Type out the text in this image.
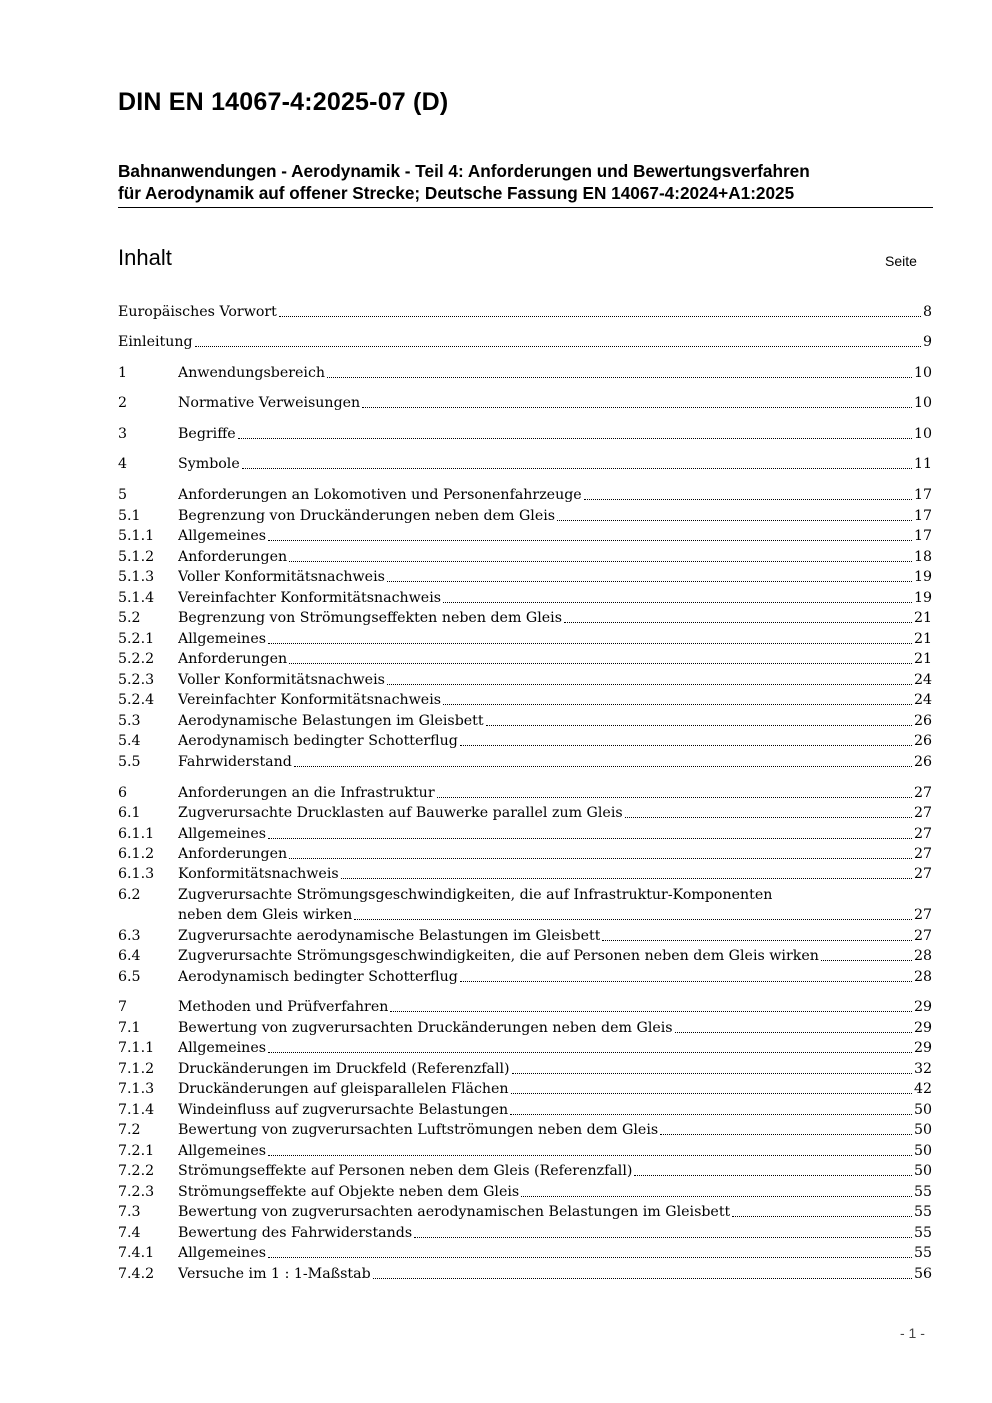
DIN EN 14067-4:2025-07 (D)
Bahnanwendungen - Aerodynamik - Teil 4: Anforderungen und Bewertungsverfahren
für Aerodynamik auf offener Strecke; Deutsche Fassung EN 14067-4:2024+A1:2025
Inhalt	Seite
Europäisches Vorwort	8
Einleitung	9
1	Anwendungsbereich	10
2	Normative Verweisungen	10
3	Begriffe	10
4	Symbole	11
5	Anforderungen an Lokomotiven und Personenfahrzeuge	17
5.1	Begrenzung von Druckänderungen neben dem Gleis	17
5.1.1	Allgemeines	17
5.1.2	Anforderungen	18
5.1.3	Voller Konformitätsnachweis	19
5.1.4	Vereinfachter Konformitätsnachweis	19
5.2	Begrenzung von Strömungseffekten neben dem Gleis	21
5.2.1	Allgemeines	21
5.2.2	Anforderungen	21
5.2.3	Voller Konformitätsnachweis	24
5.2.4	Vereinfachter Konformitätsnachweis	24
5.3	Aerodynamische Belastungen im Gleisbett	26
5.4	Aerodynamisch bedingter Schotterflug	26
5.5	Fahrwiderstand	26
6	Anforderungen an die Infrastruktur	27
6.1	Zugverursachte Drucklasten auf Bauwerke parallel zum Gleis	27
6.1.1	Allgemeines	27
6.1.2	Anforderungen	27
6.1.3	Konformitätsnachweis	27
6.2	Zugverursachte Strömungsgeschwindigkeiten, die auf Infrastruktur-Komponenten
neben dem Gleis wirken	27
6.3	Zugverursachte aerodynamische Belastungen im Gleisbett	27
6.4	Zugverursachte Strömungsgeschwindigkeiten, die auf Personen neben dem Gleis wirken	28
6.5	Aerodynamisch bedingter Schotterflug	28
7	Methoden und Prüfverfahren	29
7.1	Bewertung von zugverursachten Druckänderungen neben dem Gleis	29
7.1.1	Allgemeines	29
7.1.2	Druckänderungen im Druckfeld (Referenzfall)	32
7.1.3	Druckänderungen auf gleisparallelen Flächen	42
7.1.4	Windeinfluss auf zugverursachte Belastungen	50
7.2	Bewertung von zugverursachten Luftströmungen neben dem Gleis	50
7.2.1	Allgemeines	50
7.2.2	Strömungseffekte auf Personen neben dem Gleis (Referenzfall)	50
7.2.3	Strömungseffekte auf Objekte neben dem Gleis	55
7.3	Bewertung von zugverursachten aerodynamischen Belastungen im Gleisbett	55
7.4	Bewertung des Fahrwiderstands	55
7.4.1	Allgemeines	55
7.4.2	Versuche im 1 : 1-Maßstab	56
- 1 -
